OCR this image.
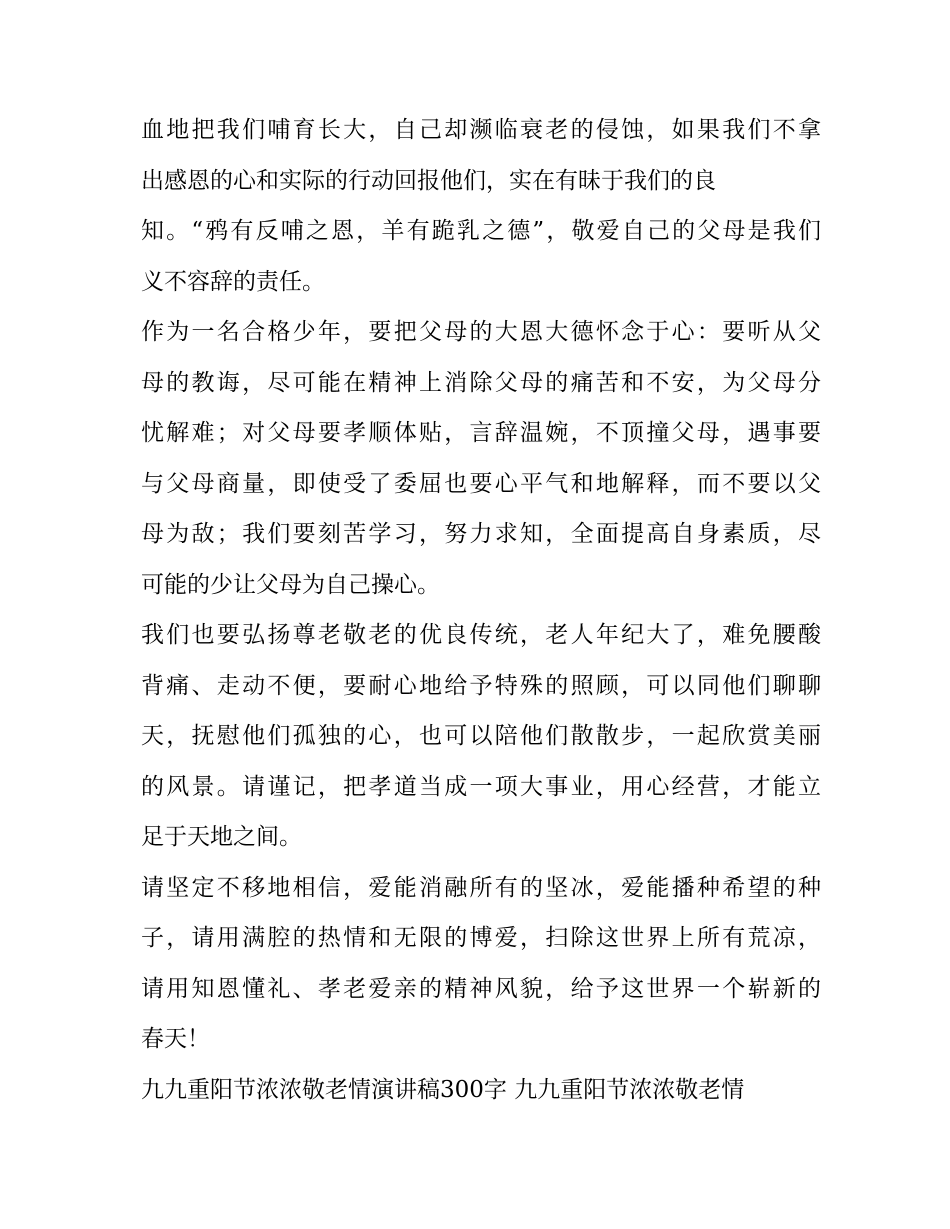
血地把我们哺育长大，自己却濒临衰老的侵蚀，如果我们不拿
出感恩的心和实际的行动回报他们，实在有昧于我们的良
知。“鸦有反哺之恩，羊有跪乳之德”，敬爱自己的父母是我们
义不容辞的责任。
作为一名合格少年，要把父母的大恩大德怀念于心：要听从父
母的教诲，尽可能在精神上消除父母的痛苦和不安，为父母分
忧解难；对父母要孝顺体贴，言辞温婉，不顶撞父母，遇事要
与父母商量，即使受了委屈也要心平气和地解释，而不要以父
母为敌；我们要刻苦学习，努力求知，全面提高自身素质，尽
可能的少让父母为自己操心。
我们也要弘扬尊老敬老的优良传统，老人年纪大了，难免腰酸
背痛、走动不便，要耐心地给予特殊的照顾，可以同他们聊聊
天，抚慰他们孤独的心，也可以陪他们散散步，一起欣赏美丽
的风景。请谨记，把孝道当成一项大事业，用心经营，才能立
足于天地之间。
请坚定不移地相信，爱能消融所有的坚冰，爱能播种希望的种
子，请用满腔的热情和无限的博爱，扫除这世界上所有荒凉，
请用知恩懂礼、孝老爱亲的精神风貌，给予这世界一个崭新的
春天！
九九重阳节浓浓敬老情演讲稿300字 九九重阳节浓浓敬老情
